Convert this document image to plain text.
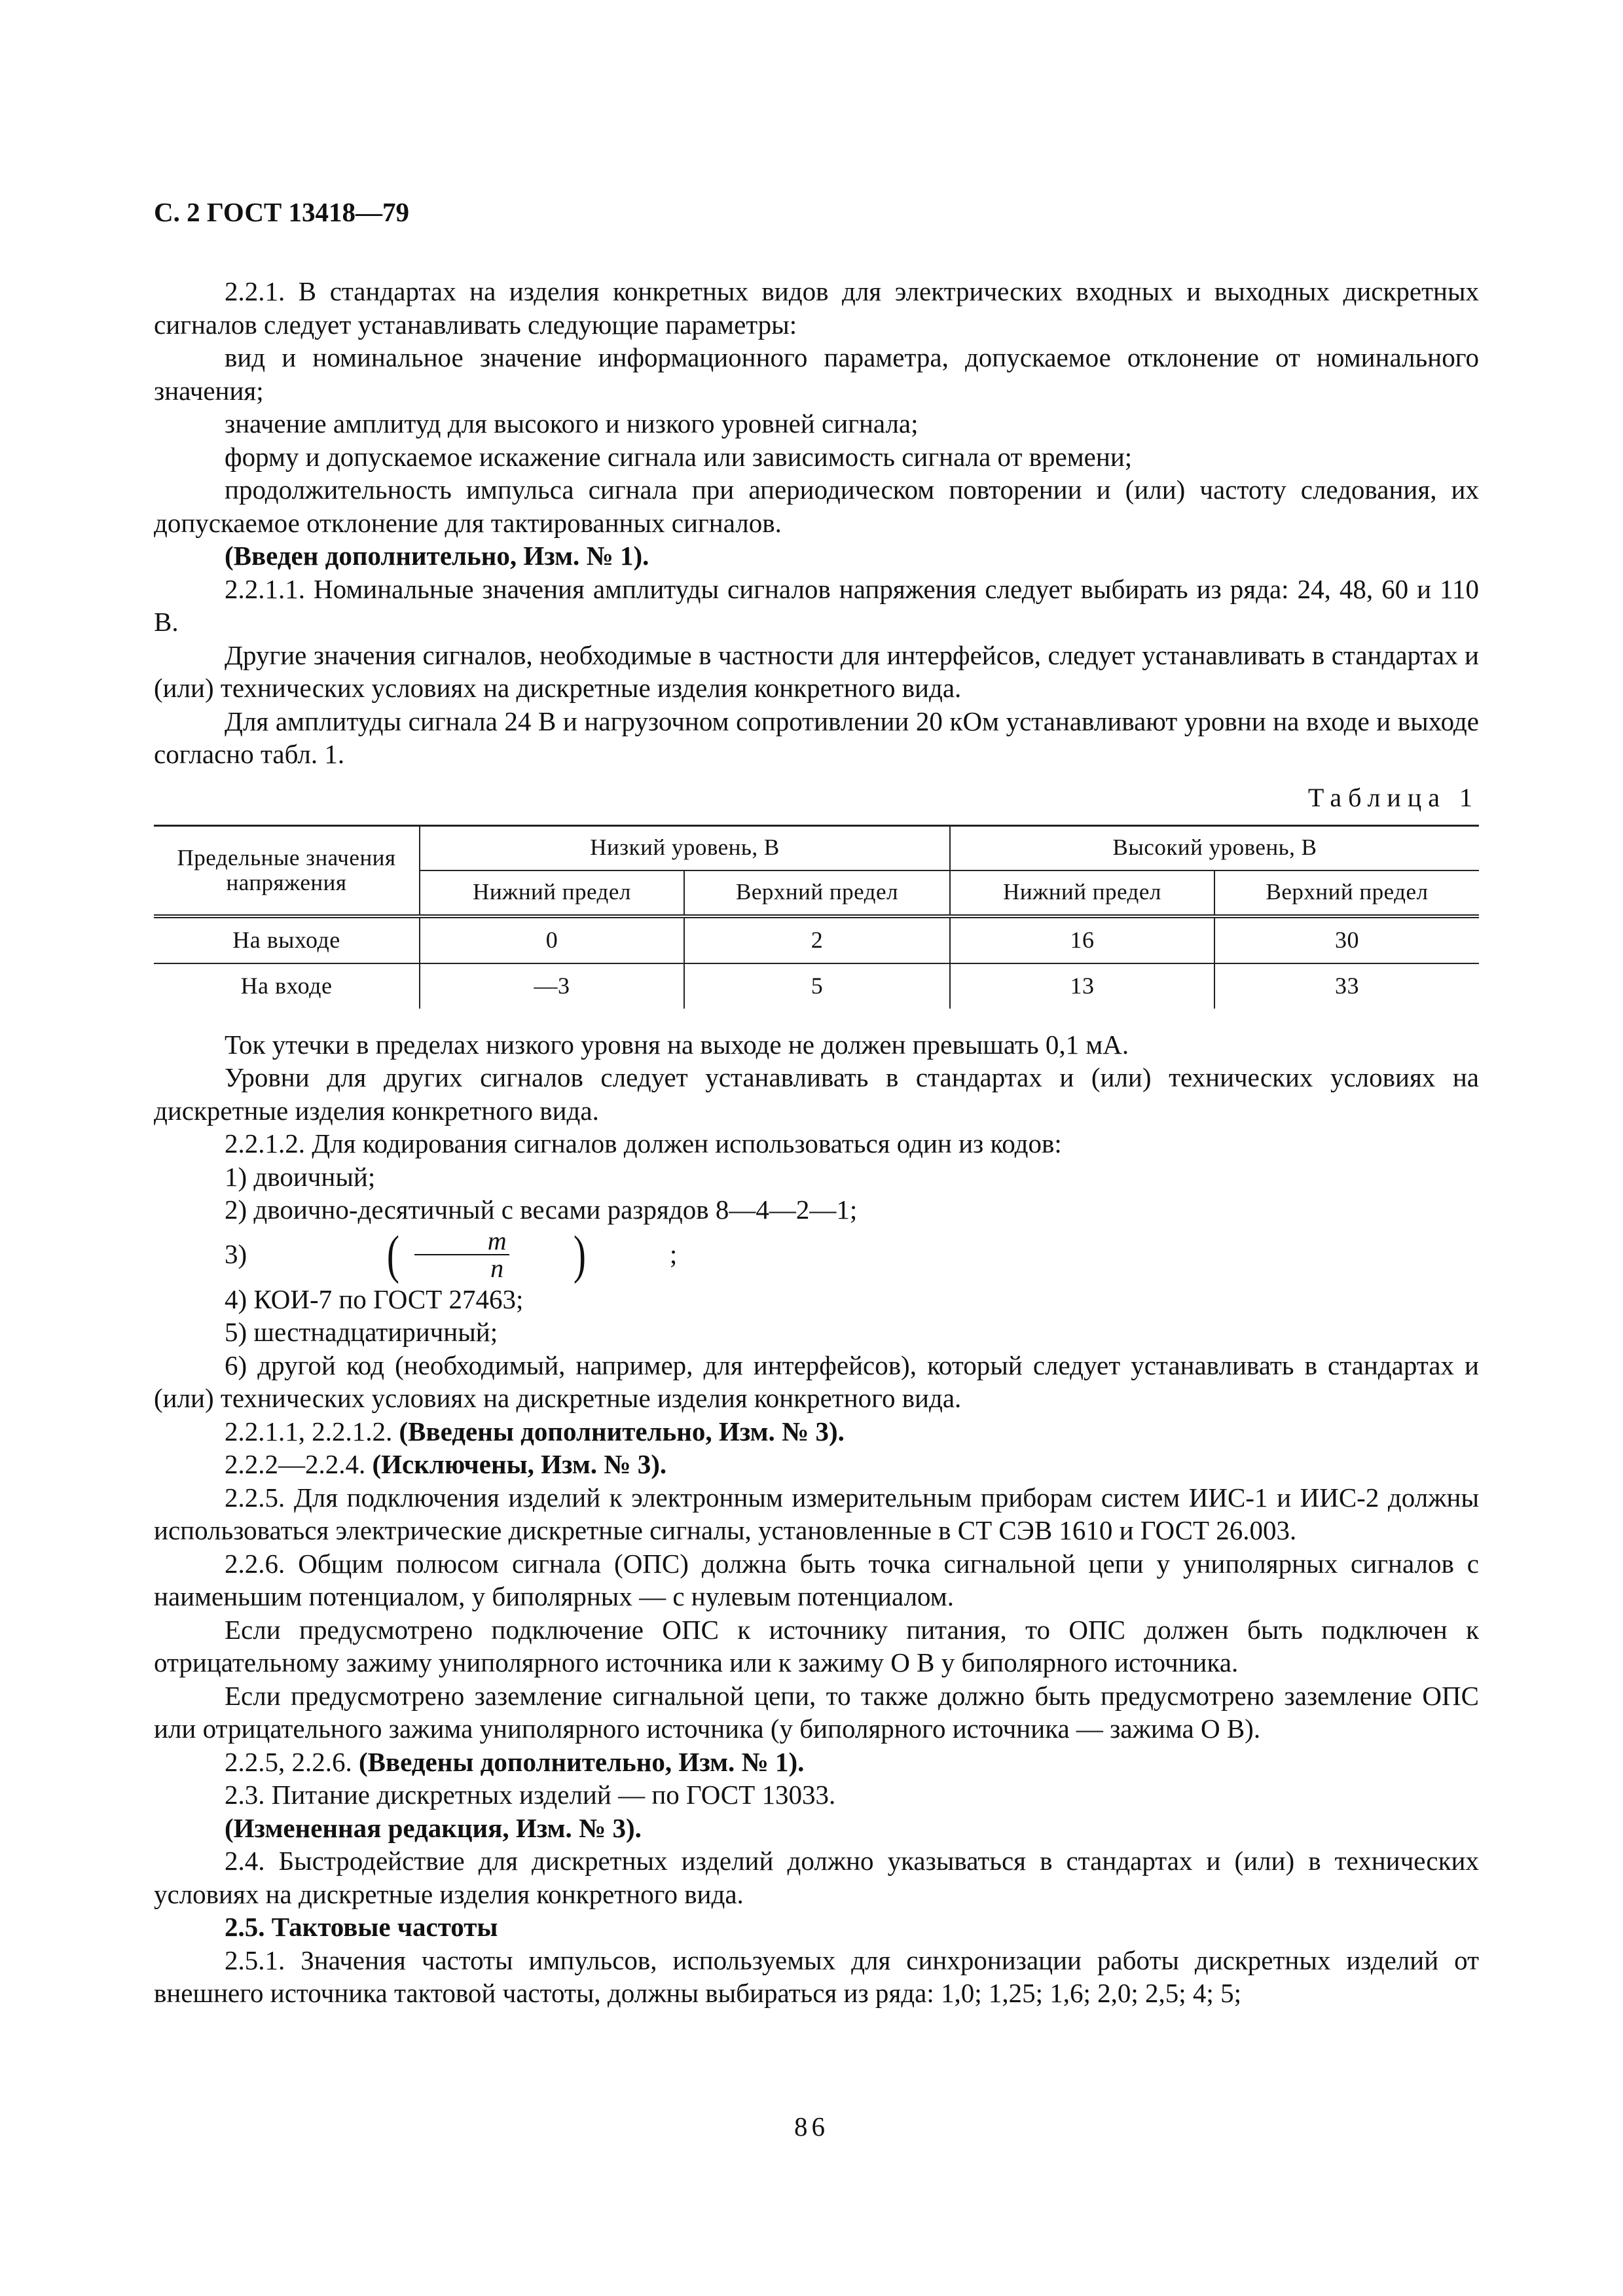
С. 2 ГОСТ 13418—79

2.2.1. В стандартах на изделия конкретных видов для электрических входных и выходных дискретных сигналов следует устанавливать следующие параметры:

вид и номинальное значение информационного параметра, допускаемое отклонение от номинального значения;

значение амплитуд для высокого и низкого уровней сигнала;

форму и допускаемое искажение сигнала или зависимость сигнала от времени;

продолжительность импульса сигнала при апериодическом повторении и (или) частоту следования, их допускаемое отклонение для тактированных сигналов.

(Введен дополнительно, Изм. № 1).

2.2.1.1. Номинальные значения амплитуды сигналов напряжения следует выбирать из ряда: 24, 48, 60 и 110 В.

Другие значения сигналов, необходимые в частности для интерфейсов, следует устанавливать в стандартах и (или) технических условиях на дискретные изделия конкретного вида.

Для амплитуды сигнала 24 В и нагрузочном сопротивлении 20 кОм устанавливают уровни на входе и выходе согласно табл. 1.

Таблица 1
Предельные значения напряжения	Низкий уровень, В		Высокий уровень, В	
	Нижний предел	Верхний предел	Нижний предел	Верхний предел
На выходе	0	2	16	30
На входе	—3	5	13	33

Ток утечки в пределах низкого уровня на выходе не должен превышать 0,1 мА.

Уровни для других сигналов следует устанавливать в стандартах и (или) технических условиях на дискретные изделия конкретного вида.

2.2.1.2. Для кодирования сигналов должен использоваться один из кодов:

1) двоичный;

2) двоично-десятичный с весами разрядов 8—4—2—1;

3)
	( $\frac{m}{n}$	)	;

4) КОИ-7 по ГОСТ 27463;

5) шестнадцатиричный;

6) другой код (необходимый, например, для интерфейсов), который следует устанавливать в стандартах и (или) технических условиях на дискретные изделия конкретного вида.

2.2.1.1, 2.2.1.2. (Введены дополнительно, Изм. № 3).

2.2.2—2.2.4. (Исключены, Изм. № 3).

2.2.5. Для подключения изделий к электронным измерительным приборам систем ИИС-1 и ИИС-2 должны использоваться электрические дискретные сигналы, установленные в СТ СЭВ 1610 и ГОСТ 26.003.

2.2.6. Общим полюсом сигнала (ОПС) должна быть точка сигнальной цепи у униполярных сигналов с наименьшим потенциалом, у биполярных — с нулевым потенциалом.

Если предусмотрено подключение ОПС к источнику питания, то ОПС должен быть подключен к отрицательному зажиму униполярного источника или к зажиму О В у биполярного источника.

Если предусмотрено заземление сигнальной цепи, то также должно быть предусмотрено заземление ОПС или отрицательного зажима униполярного источника (у биполярного источника — зажима О В).

2.2.5, 2.2.6. (Введены дополнительно, Изм. № 1).

2.3. Питание дискретных изделий — по ГОСТ 13033.

(Измененная редакция, Изм. № 3).

2.4. Быстродействие для дискретных изделий должно указываться в стандартах и (или) в технических условиях на дискретные изделия конкретного вида.

2.5. Тактовые частоты

2.5.1. Значения частоты импульсов, используемых для синхронизации работы дискретных изделий от внешнего источника тактовой частоты, должны выбираться из ряда: 1,0; 1,25; 1,6; 2,0; 2,5; 4; 5;

86
